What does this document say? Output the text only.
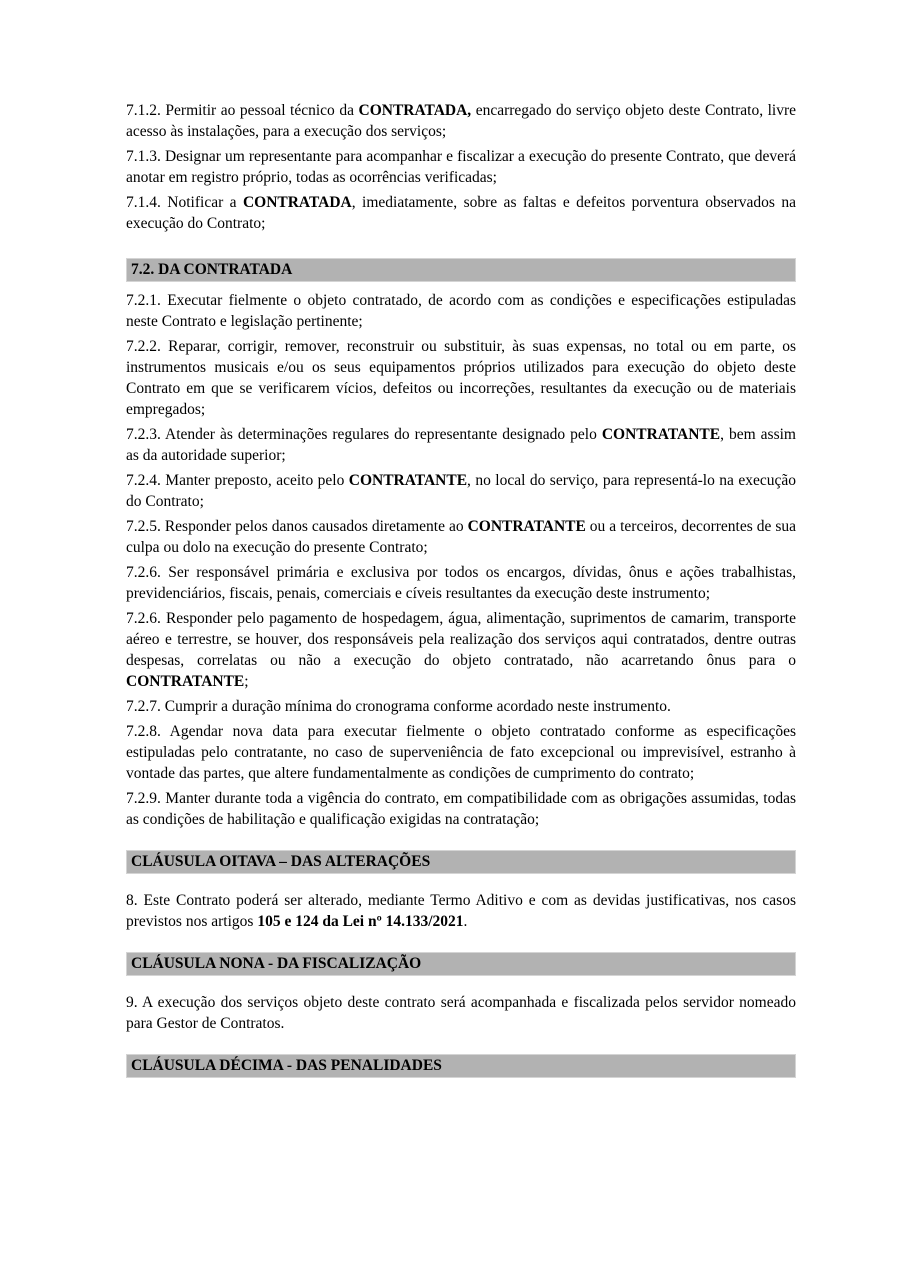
7.1.2. Permitir ao pessoal técnico da CONTRATADA, encarregado do serviço objeto deste Contrato, livre acesso às instalações, para a execução dos serviços;

7.1.3. Designar um representante para acompanhar e fiscalizar a execução do presente Contrato, que deverá anotar em registro próprio, todas as ocorrências verificadas;

7.1.4. Notificar a CONTRATADA, imediatamente, sobre as faltas e defeitos porventura observados na execução do Contrato;

7.2. DA CONTRATADA

7.2.1. Executar fielmente o objeto contratado, de acordo com as condições e especificações estipuladas neste Contrato e legislação pertinente;

7.2.2. Reparar, corrigir, remover, reconstruir ou substituir, às suas expensas, no total ou em parte, os instrumentos musicais e/ou os seus equipamentos próprios utilizados para execução do objeto deste Contrato em que se verificarem vícios, defeitos ou incorreções, resultantes da execução ou de materiais empregados;

7.2.3. Atender às determinações regulares do representante designado pelo CONTRATANTE, bem assim as da autoridade superior;

7.2.4. Manter preposto, aceito pelo CONTRATANTE, no local do serviço, para representá-lo na execução do Contrato;

7.2.5. Responder pelos danos causados diretamente ao CONTRATANTE ou a terceiros, decorrentes de sua culpa ou dolo na execução do presente Contrato;

7.2.6. Ser responsável primária e exclusiva por todos os encargos, dívidas, ônus e ações trabalhistas, previdenciários, fiscais, penais, comerciais e cíveis resultantes da execução deste instrumento;

7.2.6. Responder pelo pagamento de hospedagem, água, alimentação, suprimentos de camarim, transporte aéreo e terrestre, se houver, dos responsáveis pela realização dos serviços aqui contratados, dentre outras despesas, correlatas ou não a execução do objeto contratado, não acarretando ônus para o CONTRATANTE;

7.2.7. Cumprir a duração mínima do cronograma conforme acordado neste instrumento.

7.2.8. Agendar nova data para executar fielmente o objeto contratado conforme as especificações estipuladas pelo contratante, no caso de superveniência de fato excepcional ou imprevisível, estranho à vontade das partes, que altere fundamentalmente as condições de cumprimento do contrato;

7.2.9. Manter durante toda a vigência do contrato, em compatibilidade com as obrigações assumidas, todas as condições de habilitação e qualificação exigidas na contratação;

CLÁUSULA OITAVA – DAS ALTERAÇÕES

8. Este Contrato poderá ser alterado, mediante Termo Aditivo e com as devidas justificativas, nos casos previstos nos artigos 105 e 124 da Lei nº 14.133/2021.

CLÁUSULA NONA - DA FISCALIZAÇÃO

9. A execução dos serviços objeto deste contrato será acompanhada e fiscalizada pelos servidor nomeado para Gestor de Contratos.

CLÁUSULA DÉCIMA - DAS PENALIDADES
